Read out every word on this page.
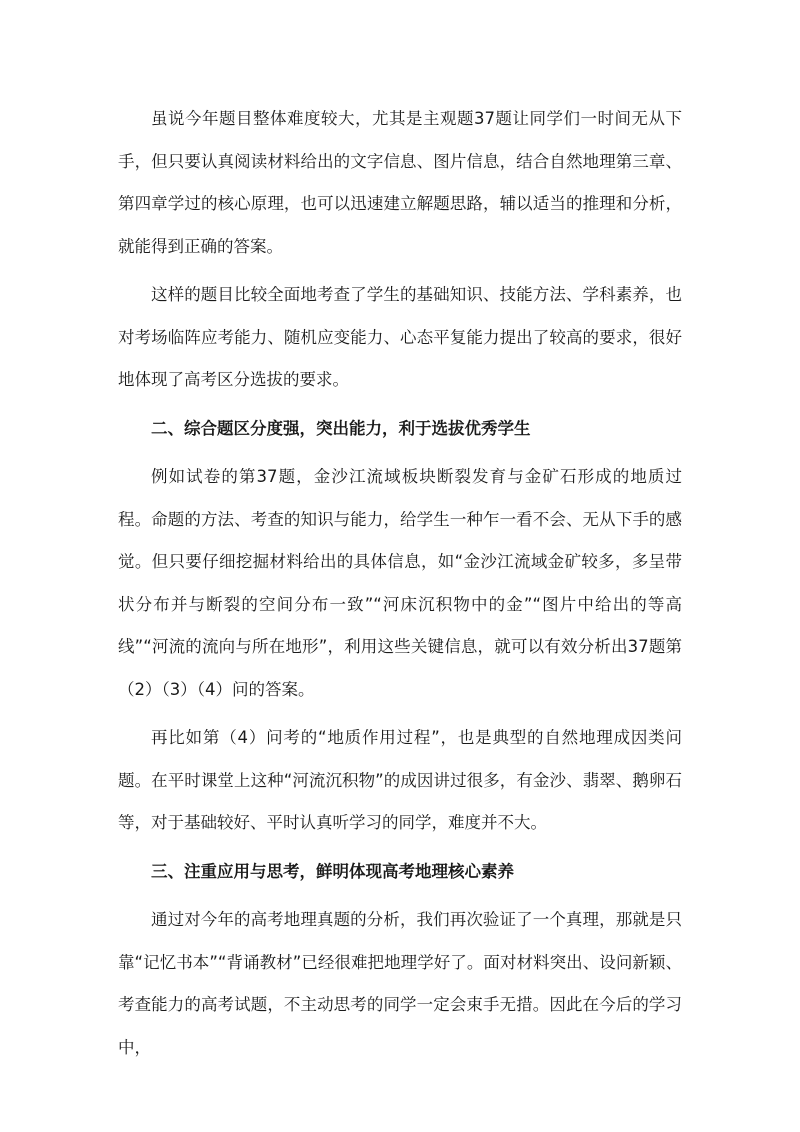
虽说今年题目整体难度较大，尤其是主观题37题让同学们一时间无从下手，但只要认真阅读材料给出的文字信息、图片信息，结合自然地理第三章、第四章学过的核心原理，也可以迅速建立解题思路，辅以适当的推理和分析，就能得到正确的答案。

这样的题目比较全面地考查了学生的基础知识、技能方法、学科素养，也对考场临阵应考能力、随机应变能力、心态平复能力提出了较高的要求，很好地体现了高考区分选拔的要求。

二、综合题区分度强，突出能力，利于选拔优秀学生

例如试卷的第37题，金沙江流域板块断裂发育与金矿石形成的地质过程。命题的方法、考查的知识与能力，给学生一种乍一看不会、无从下手的感觉。但只要仔细挖掘材料给出的具体信息，如“金沙江流域金矿较多，多呈带状分布并与断裂的空间分布一致”“河床沉积物中的金”“图片中给出的等高线”“河流的流向与所在地形”，利用这些关键信息，就可以有效分析出37题第（2）（3）（4）问的答案。

再比如第（4）问考的“地质作用过程”，也是典型的自然地理成因类问题。在平时课堂上这种“河流沉积物”的成因讲过很多，有金沙、翡翠、鹅卵石等，对于基础较好、平时认真听学习的同学，难度并不大。

三、注重应用与思考，鲜明体现高考地理核心素养

通过对今年的高考地理真题的分析，我们再次验证了一个真理，那就是只靠“记忆书本”“背诵教材”已经很难把地理学好了。面对材料突出、设问新颖、考查能力的高考试题，不主动思考的同学一定会束手无措。因此在今后的学习中，
